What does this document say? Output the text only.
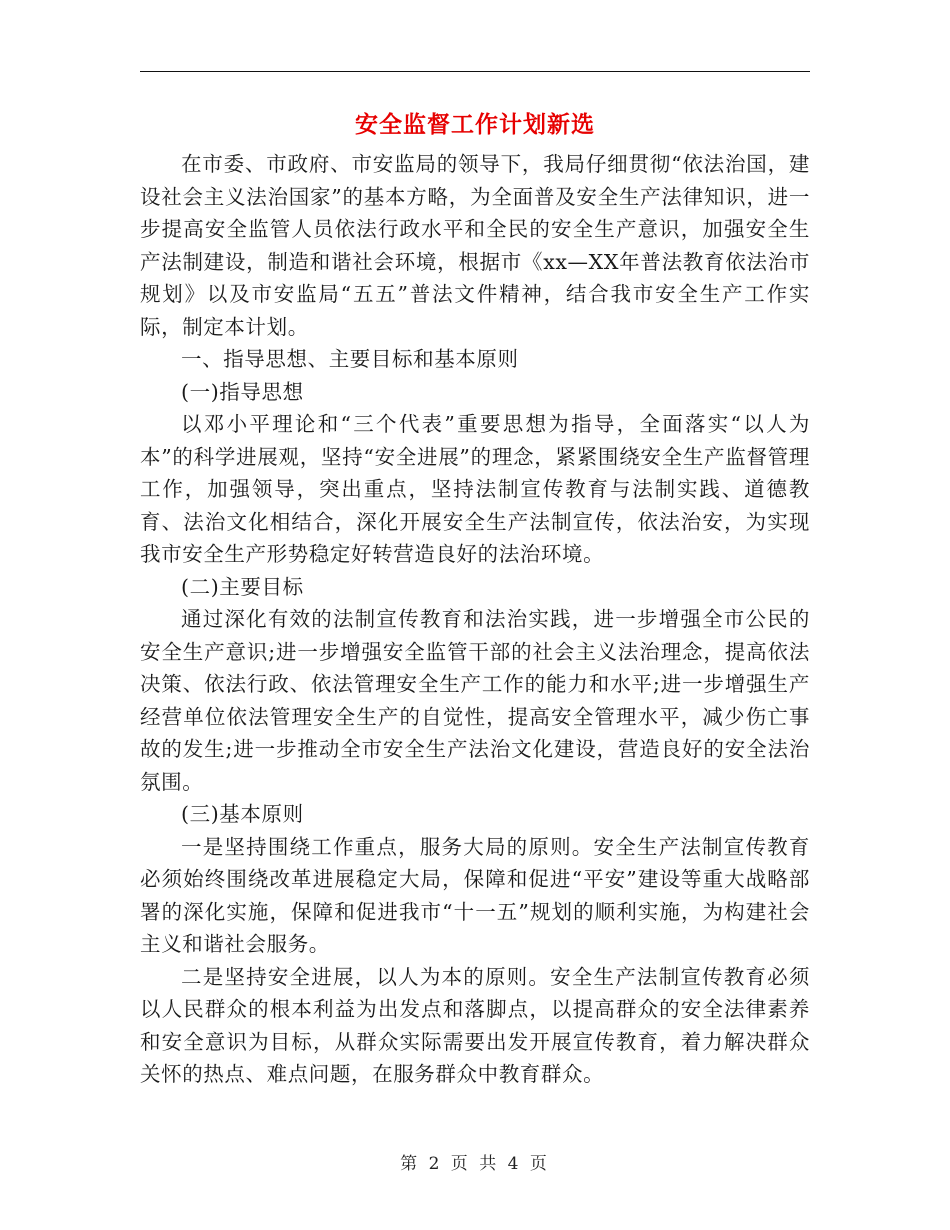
安全监督工作计划新选

在市委、市政府、市安监局的领导下，我局仔细贯彻“依法治国，建设社会主义法治国家”的基本方略，为全面普及安全生产法律知识，进一步提高安全监管人员依法行政水平和全民的安全生产意识，加强安全生产法制建设，制造和谐社会环境，根据市《xx—XX年普法教育依法治市规划》以及市安监局“五五”普法文件精神，结合我市安全生产工作实际，制定本计划。

一、指导思想、主要目标和基本原则

(一)指导思想

以邓小平理论和“三个代表”重要思想为指导，全面落实“以人为本”的科学进展观，坚持“安全进展”的理念，紧紧围绕安全生产监督管理工作，加强领导，突出重点，坚持法制宣传教育与法制实践、道德教育、法治文化相结合，深化开展安全生产法制宣传，依法治安，为实现我市安全生产形势稳定好转营造良好的法治环境。

(二)主要目标

通过深化有效的法制宣传教育和法治实践，进一步增强全市公民的安全生产意识;进一步增强安全监管干部的社会主义法治理念，提高依法决策、依法行政、依法管理安全生产工作的能力和水平;进一步增强生产经营单位依法管理安全生产的自觉性，提高安全管理水平，减少伤亡事故的发生;进一步推动全市安全生产法治文化建设，营造良好的安全法治氛围。

(三)基本原则

一是坚持围绕工作重点，服务大局的原则。安全生产法制宣传教育必须始终围绕改革进展稳定大局，保障和促进“平安”建设等重大战略部署的深化实施，保障和促进我市“十一五”规划的顺利实施，为构建社会主义和谐社会服务。

二是坚持安全进展，以人为本的原则。安全生产法制宣传教育必须以人民群众的根本利益为出发点和落脚点，以提高群众的安全法律素养和安全意识为目标，从群众实际需要出发开展宣传教育，着力解决群众关怀的热点、难点问题，在服务群众中教育群众。

第 2 页 共 4 页
